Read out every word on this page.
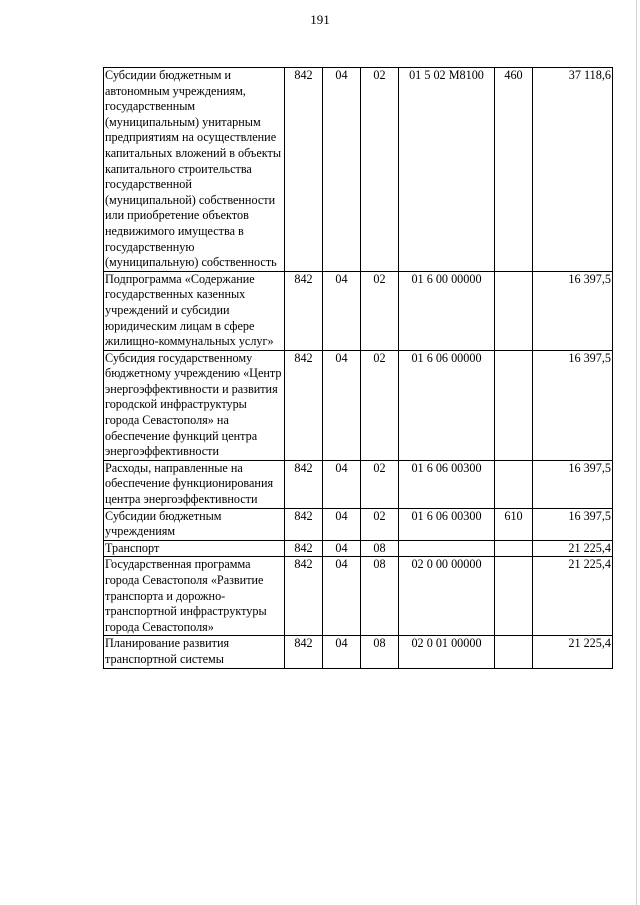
191
Субсидии бюджетным и автономным учреждениям, государственным (муниципальным) унитарным предприятиям на осуществление капитальных вложений в объекты капитального строительства государственной (муниципальной) собственности или приобретение объектов недвижимого имущества в государственную (муниципальную) собственность	842	04	02	01 5 02 M8100	460	37 118,6
Подпрограмма «Содержание государственных казенных учреждений и субсидии юридическим лицам в сфере жилищно-коммунальных услуг»	842	04	02	01 6 00 00000		16 397,5
Субсидия государственному бюджетному учреждению «Центр энергоэффективности и развития городской инфраструктуры города Севастополя» на обеспечение функций центра энергоэффективности	842	04	02	01 6 06 00000		16 397,5
Расходы, направленные на обеспечение функционирования центра энергоэффективности	842	04	02	01 6 06 00300		16 397,5
Субсидии бюджетным учреждениям	842	04	02	01 6 06 00300	610	16 397,5
Транспорт	842	04	08			21 225,4
Государственная программа города Севастополя «Развитие транспорта и дорожно-транспортной инфраструктуры города Севастополя»	842	04	08	02 0 00 00000		21 225,4
Планирование развития транспортной системы	842	04	08	02 0 01 00000		21 225,4
